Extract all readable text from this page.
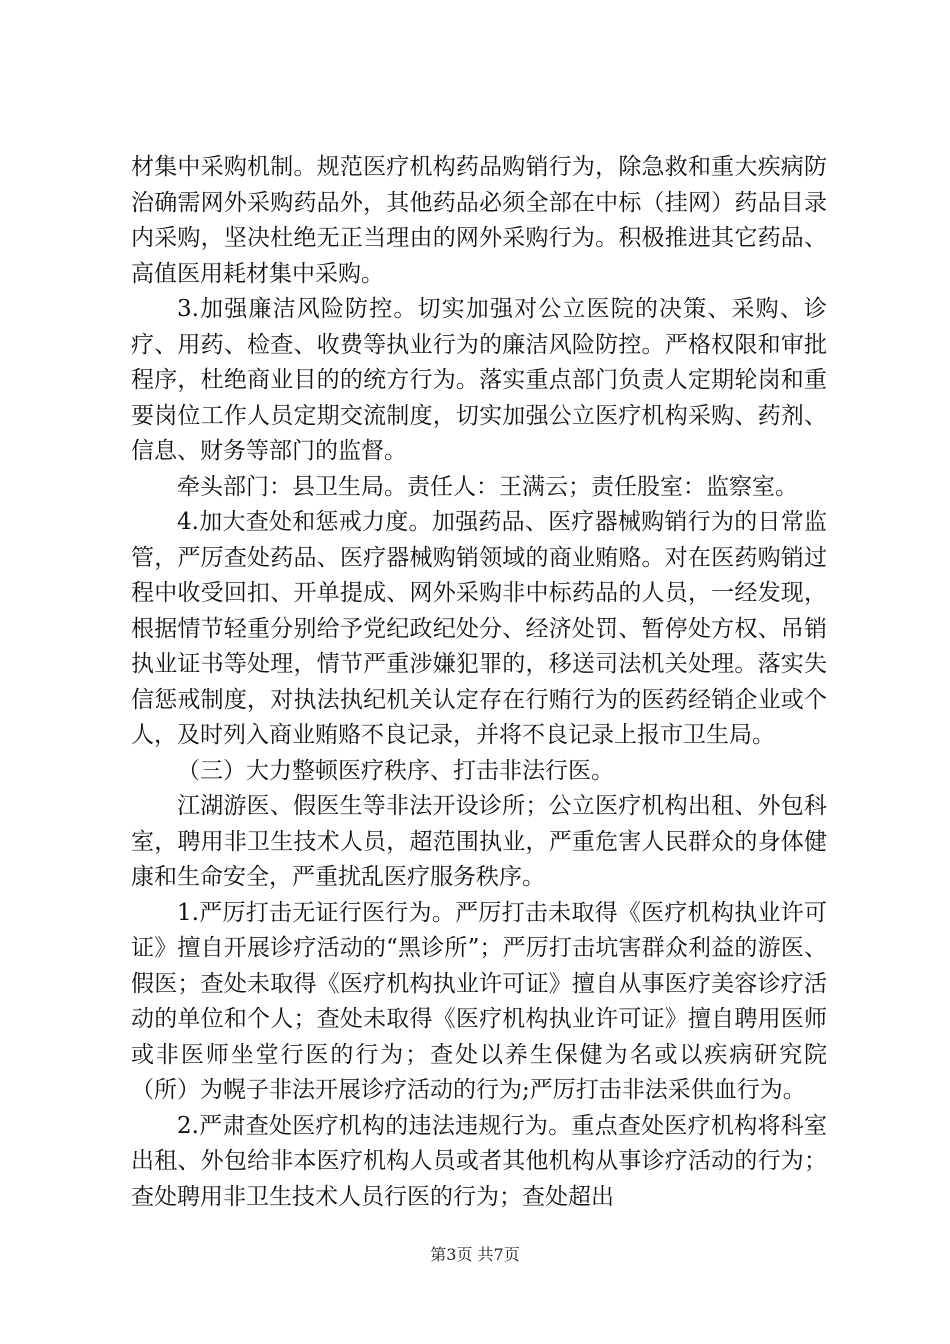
材集中采购机制。规范医疗机构药品购销行为，除急救和重大疾病防治确需网外采购药品外，其他药品必须全部在中标（挂网）药品目录内采购，坚决杜绝无正当理由的网外采购行为。积极推进其它药品、高值医用耗材集中采购。

3.加强廉洁风险防控。切实加强对公立医院的决策、采购、诊疗、用药、检查、收费等执业行为的廉洁风险防控。严格权限和审批程序，杜绝商业目的的统方行为。落实重点部门负责人定期轮岗和重要岗位工作人员定期交流制度，切实加强公立医疗机构采购、药剂、信息、财务等部门的监督。

牵头部门：县卫生局。责任人：王满云；责任股室：监察室。

4.加大查处和惩戒力度。加强药品、医疗器械购销行为的日常监管，严厉查处药品、医疗器械购销领域的商业贿赂。对在医药购销过程中收受回扣、开单提成、网外采购非中标药品的人员，一经发现，根据情节轻重分别给予党纪政纪处分、经济处罚、暂停处方权、吊销执业证书等处理，情节严重涉嫌犯罪的，移送司法机关处理。落实失信惩戒制度，对执法执纪机关认定存在行贿行为的医药经销企业或个人，及时列入商业贿赂不良记录，并将不良记录上报市卫生局。

（三）大力整顿医疗秩序、打击非法行医。

江湖游医、假医生等非法开设诊所；公立医疗机构出租、外包科室，聘用非卫生技术人员，超范围执业，严重危害人民群众的身体健康和生命安全，严重扰乱医疗服务秩序。

1.严厉打击无证行医行为。严厉打击未取得《医疗机构执业许可证》擅自开展诊疗活动的“黑诊所”；严厉打击坑害群众利益的游医、假医；查处未取得《医疗机构执业许可证》擅自从事医疗美容诊疗活动的单位和个人；查处未取得《医疗机构执业许可证》擅自聘用医师或非医师坐堂行医的行为；查处以养生保健为名或以疾病研究院（所）为幌子非法开展诊疗活动的行为;严厉打击非法采供血行为。

2.严肃查处医疗机构的违法违规行为。重点查处医疗机构将科室出租、外包给非本医疗机构人员或者其他机构从事诊疗活动的行为；查处聘用非卫生技术人员行医的行为；查处超出

第3页 共7页
